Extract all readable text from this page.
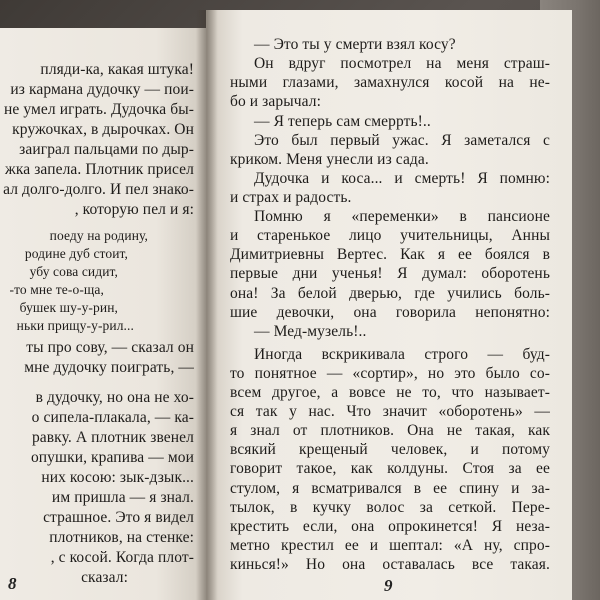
пляди-ка, какая штука!
из кармана дудочку — пои-
не умел играть. Дудочка бы-
кружочках, в дырочках. Он
заиграл пальцами по дыр-
жка запела. Плотник присел
ал долго-долго. И пел знако-
, которую пел и я:
поеду на родину,
родине дуб стоит,
убу сова сидит,
-то мне те-о-ща,
бушек шу-у-рин,
ньки прищу-у-рил...
ты про сову, — сказал он
мне дудочку поиграть, —
в дудочку, но она не хо-
о сипела-плакала, — ка-
равку. А плотник звенел
опушки, крапива — мои
них косою: зык-дзык...
им пришла — я знал.
страшное. Это я видел
плотников, на стенке:
, с косой. Когда плот-
сказал:
8
— Это ты у смерти взял косу?
Он вдруг посмотрел на меня страш-
ными глазами, замахнулся косой на не-
бо и зарычал:
— Я теперь сам смеррть!..
Это был первый ужас. Я заметался с
криком. Меня унесли из сада.
Дудочка и коса... и смерть! Я помню:
и страх и радость.
Помню я «переменки» в пансионе
и старенькое лицо учительницы, Анны
Димитриевны Вертес. Как я ее боялся в
первые дни ученья! Я думал: оборотень
она! За белой дверью, где учились боль-
шие девочки, она говорила непонятно:
— Мед-музель!..
Иногда вскрикивала строго — буд-
то понятное — «сортир», но это было со-
всем другое, а вовсе не то, что называет-
ся так у нас. Что значит «оборотень» —
я знал от плотников. Она не такая, как
всякий крещеный человек, и потому
говорит такое, как колдуны. Стоя за ее
стулом, я всматривался в ее спину и за-
тылок, в кучку волос за сеткой. Пере-
крестить если, она опрокинется! Я неза-
метно крестил ее и шептал: «А ну, спро-
кинься!» Но она оставалась все такая.
9
